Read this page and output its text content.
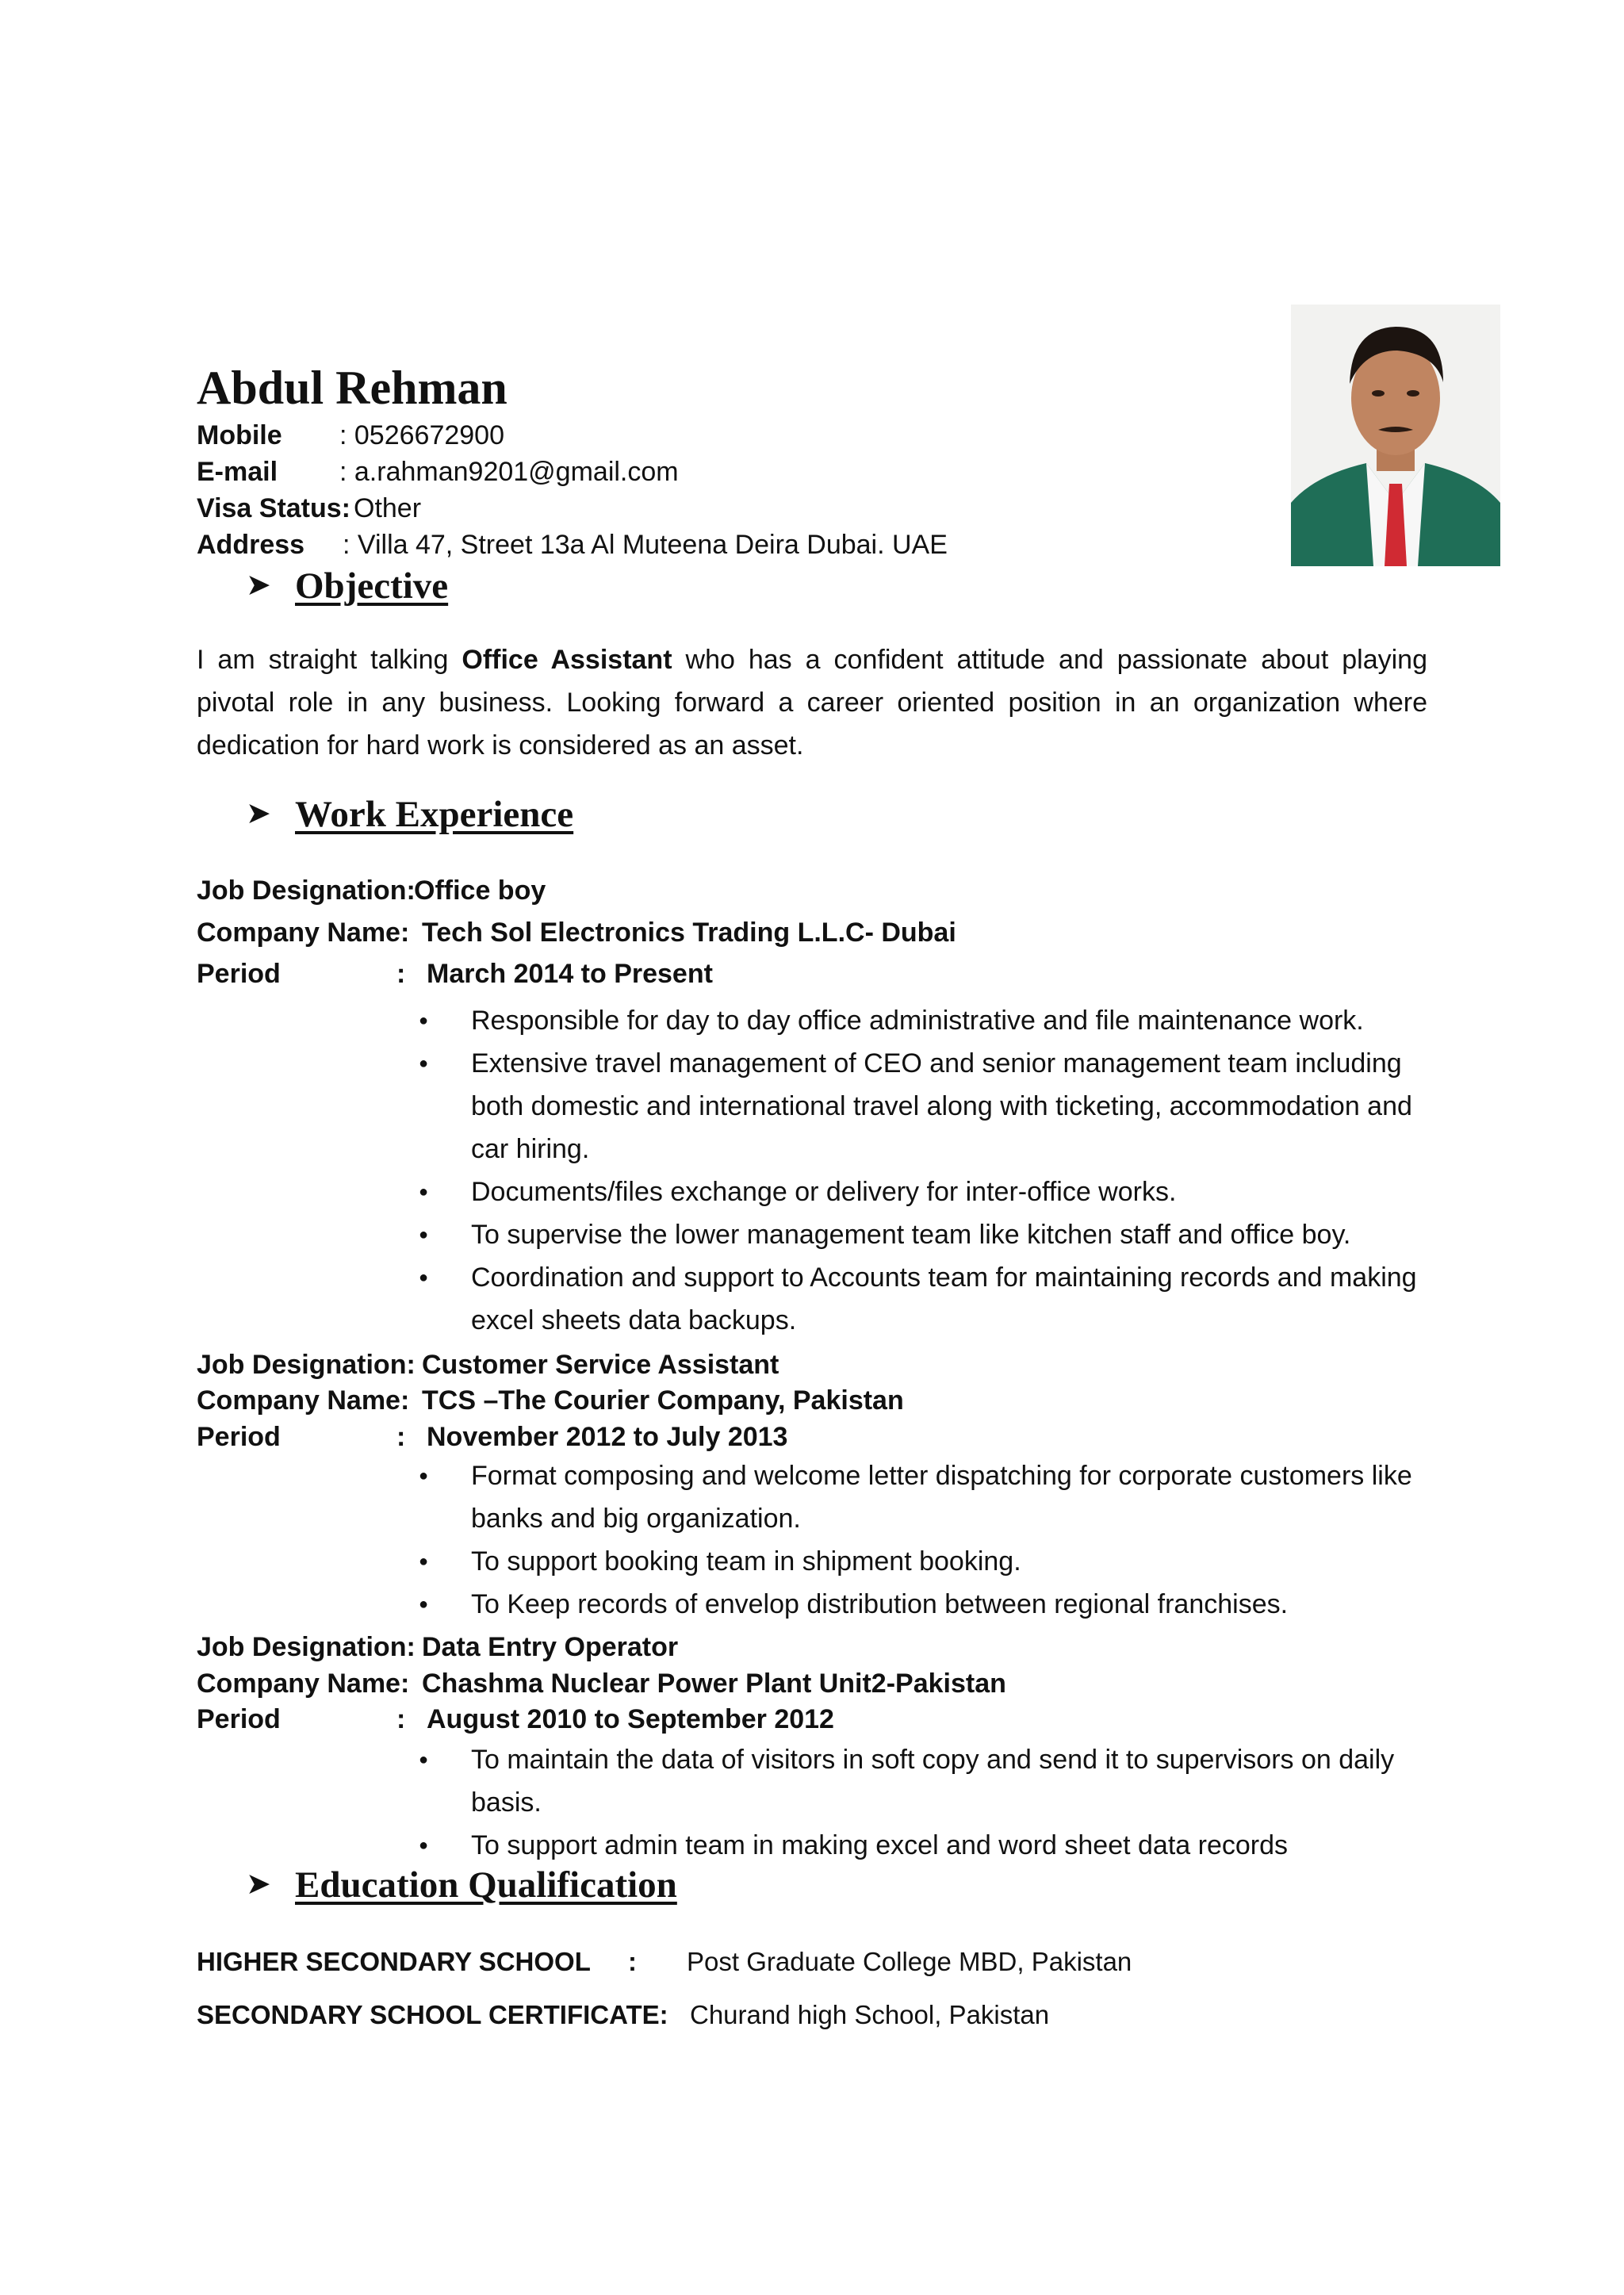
Abdul Rehman
Mobile : 0526672900
E-mail : a.rahman9201@gmail.com
Visa Status: Other
Address : Villa 47, Street 13a Al Muteena Deira Dubai. UAE
➤ Objective

I am straight talking Office Assistant who has a confident attitude and passionate about playing pivotal role in any business. Looking forward a career oriented position in an organization where dedication for hard work is considered as an asset.

➤ Work Experience
Job Designation:
Office boy
Company Name: Tech Sol Electronics Trading L.L.C- Dubai
Period	: March 2014 to Present
● Responsible for day to day office administrative and file maintenance work.
● Extensive travel management of CEO and senior management team including both domestic and international travel along with ticketing, accommodation and car hiring.
● Documents/files exchange or delivery for inter-office works.
● To supervise the lower management team like kitchen staff and office boy.
● Coordination and support to Accounts team for maintaining records and making excel sheets data backups.
Job Designation: Customer Service Assistant
Company Name: TCS –The Courier Company, Pakistan
Period	: November 2012 to July 2013
● Format composing and welcome letter dispatching for corporate customers like banks and big organization.
● To support booking team in shipment booking.
● To Keep records of envelop distribution between regional franchises.
Job Designation: Data Entry Operator
Company Name: Chashma Nuclear Power Plant Unit2-Pakistan
Period	: August 2010 to September 2012
● To maintain the data of visitors in soft copy and send it to supervisors on daily basis.
● To support admin team in making excel and word sheet data records
➤ Education Qualification
HIGHER SECONDARY SCHOOL : Post Graduate College MBD, Pakistan
SECONDARY SCHOOL CERTIFICATE: Churand high School, Pakistan
